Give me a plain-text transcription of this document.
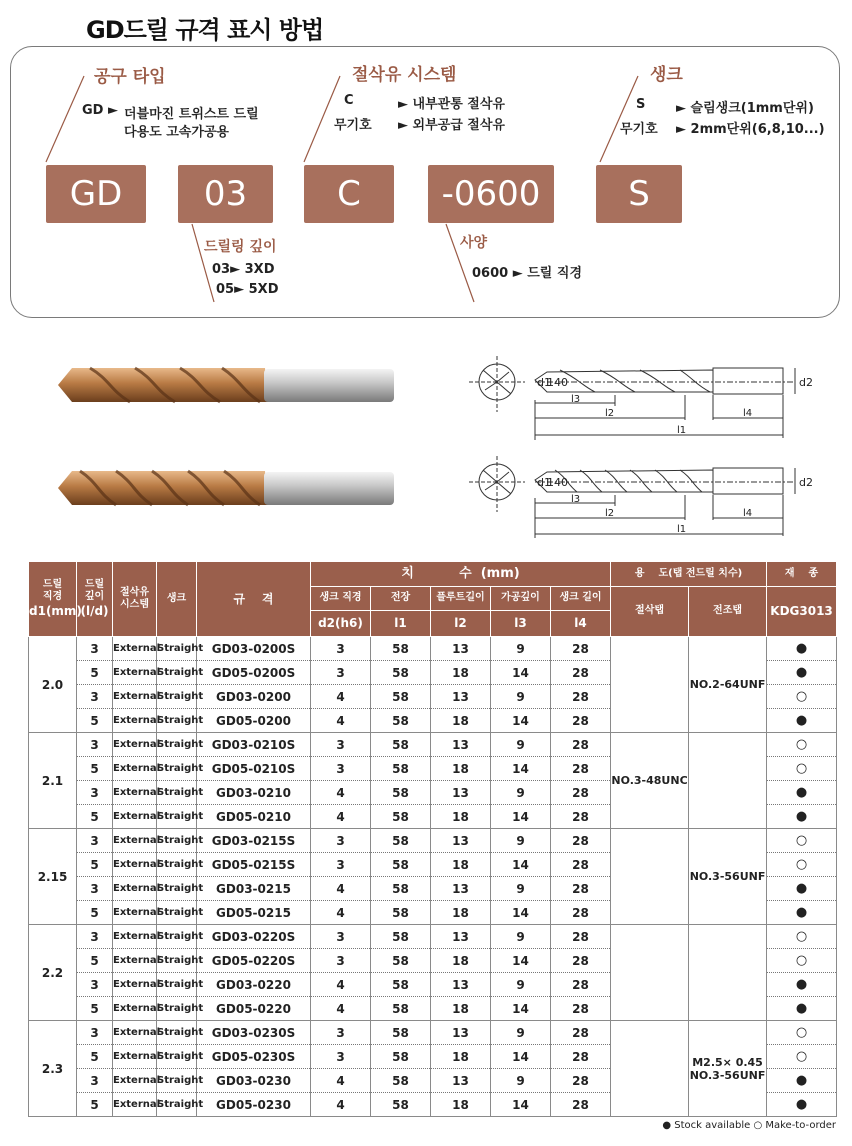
GD드릴 규격 표시 방법
공구 타입
GD ► 더블마진 트위스트 드릴
다용도 고속가공용
절삭유 시스템
C	► 내부관통 절삭유
무기호 ► 외부공급 절삭유
생크
S ► 슬림생크(1mm단위)
무기호 ► 2mm단위(6,8,10...)
GD	03	C	-0600	S
드릴링 깊이
03► 3XD
05► 5XD
사양
0600 ► 드릴 직경
d1
140	d2
l3
l2	l4
l1
d1
140	d2
l3
l2	l4
l1
드릴
직경
d1(mm)	드릴
깊이
(l/d)	절삭유
시스템	생크	규    격	치          수  (mm)					용    도(탭 전드릴 치수)		재    종
					생크 직경	전장	플루트길이	가공깊이	생크 길이	절삭탭	전조탭	KDG3013
					d2(h6)	l1	l2	l3	l4			
2.0	3	External	Straight	GD03-0200S	3	58	13	9	28		NO.2-64UNF	●
	5	External	Straight	GD05-0200S	3	58	18	14	28			●
	3	External	Straight	GD03-0200	4	58	13	9	28			○
	5	External	Straight	GD05-0200	4	58	18	14	28			●
2.1	3	External	Straight	GD03-0210S	3	58	13	9	28	NO.3-48UNC		○
	5	External	Straight	GD05-0210S	3	58	18	14	28			○
	3	External	Straight	GD03-0210	4	58	13	9	28			●
	5	External	Straight	GD05-0210	4	58	18	14	28			●
2.15	3	External	Straight	GD03-0215S	3	58	13	9	28		NO.3-56UNF	○
	5	External	Straight	GD05-0215S	3	58	18	14	28			○
	3	External	Straight	GD03-0215	4	58	13	9	28			●
	5	External	Straight	GD05-0215	4	58	18	14	28			●
2.2	3	External	Straight	GD03-0220S	3	58	13	9	28			○
	5	External	Straight	GD05-0220S	3	58	18	14	28			○
	3	External	Straight	GD03-0220	4	58	13	9	28			●
	5	External	Straight	GD05-0220	4	58	18	14	28			●
2.3	3	External	Straight	GD03-0230S	3	58	13	9	28		M2.5× 0.45
NO.3-56UNF	○
	5	External	Straight	GD05-0230S	3	58	18	14	28			○
	3	External	Straight	GD03-0230	4	58	13	9	28			●
	5	External	Straight	GD05-0230	4	58	18	14	28			●
● Stock available ○ Make-to-order
